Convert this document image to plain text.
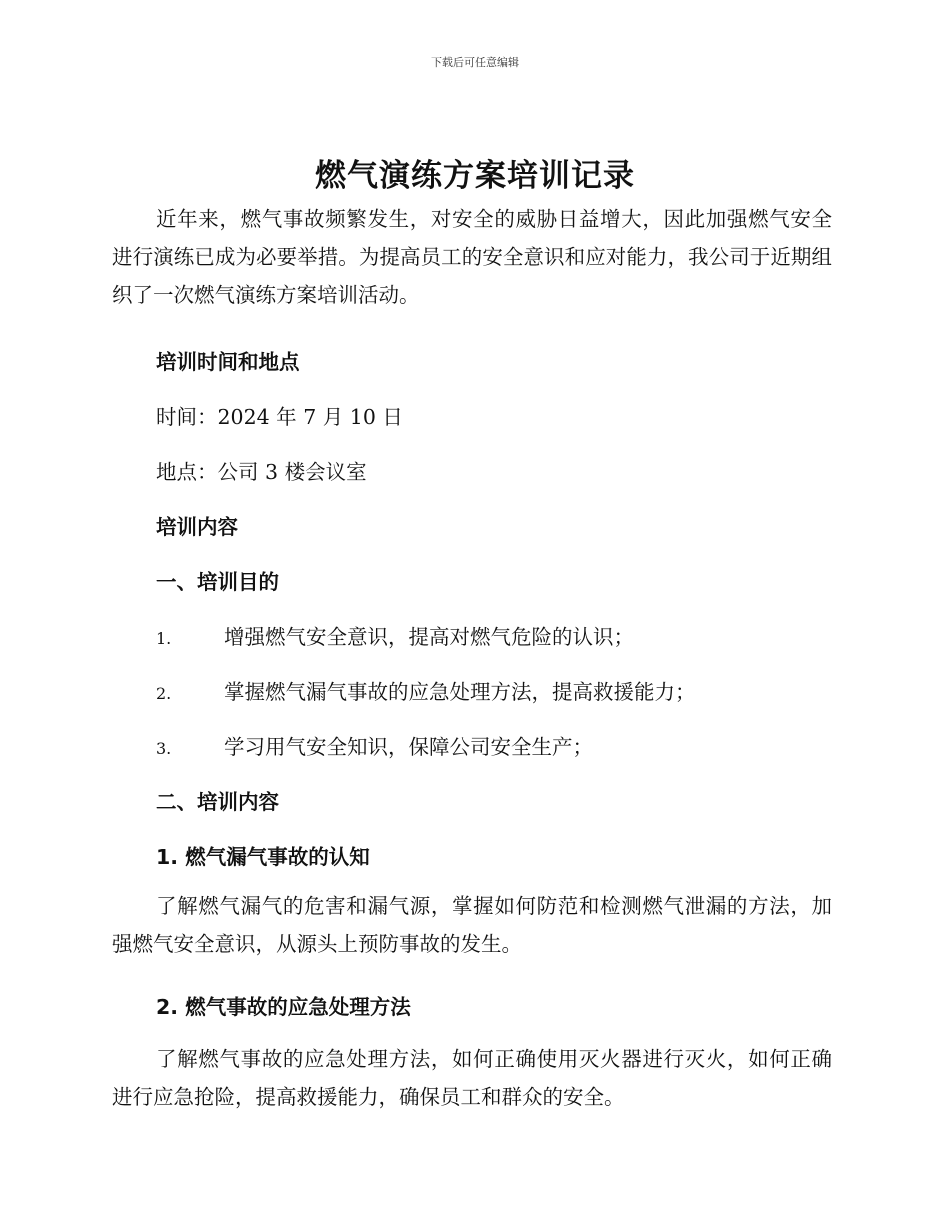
下载后可任意编辑
燃气演练方案培训记录

近年来，燃气事故频繁发生，对安全的威胁日益增大，因此加强燃气安全进行演练已成为必要举措。为提高员工的安全意识和应对能力，我公司于近期组织了一次燃气演练方案培训活动。

培训时间和地点

时间：2024 年 7 月 10 日

地点：公司 3 楼会议室

培训内容

一、培训目的

1.	增强燃气安全意识，提高对燃气危险的认识；

2.	掌握燃气漏气事故的应急处理方法，提高救援能力；

3.	学习用气安全知识，保障公司安全生产；

二、培训内容

1. 燃气漏气事故的认知

了解燃气漏气的危害和漏气源，掌握如何防范和检测燃气泄漏的方法，加强燃气安全意识，从源头上预防事故的发生。

2. 燃气事故的应急处理方法

了解燃气事故的应急处理方法，如何正确使用灭火器进行灭火，如何正确进行应急抢险，提高救援能力，确保员工和群众的安全。
